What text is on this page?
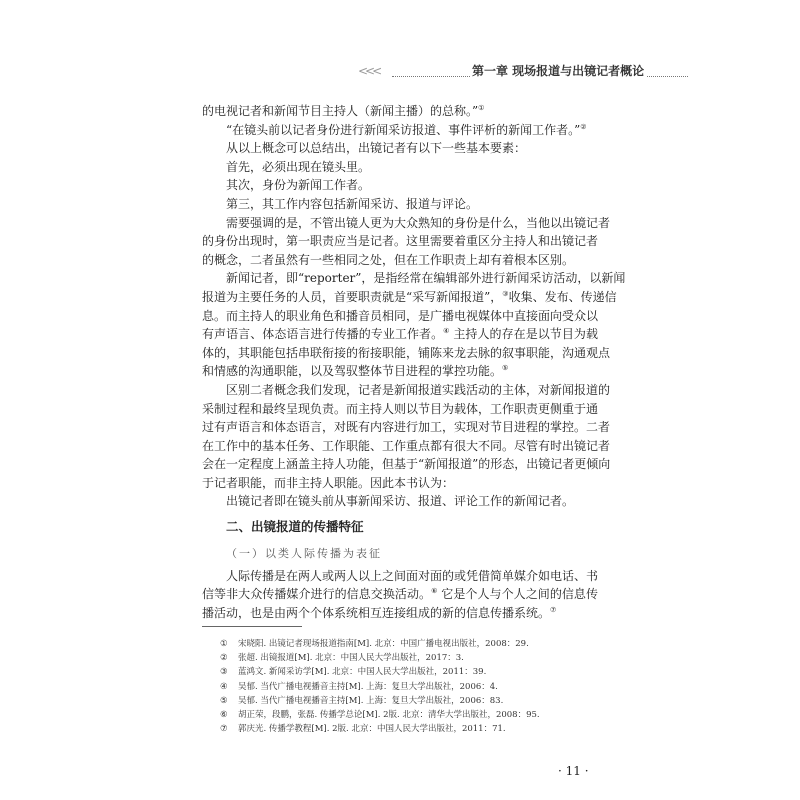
<<<	第一章 现场报道与出镜记者概论
的电视记者和新闻节目主持人（新闻主播）的总称。”①
“在镜头前以记者身份进行新闻采访报道、事件评析的新闻工作者。”②
从以上概念可以总结出，出镜记者有以下一些基本要素：
首先，必须出现在镜头里。
其次，身份为新闻工作者。
第三，其工作内容包括新闻采访、报道与评论。
需要强调的是，不管出镜人更为大众熟知的身份是什么，当他以出镜记者
的身份出现时，第一职责应当是记者。这里需要着重区分主持人和出镜记者
的概念，二者虽然有一些相同之处，但在工作职责上却有着根本区别。
新闻记者，即“reporter”，是指经常在编辑部外进行新闻采访活动，以新闻
报道为主要任务的人员，首要职责就是“采写新闻报道”，③收集、发布、传递信
息。而主持人的职业角色和播音员相同，是广播电视媒体中直接面向受众以
有声语言、体态语言进行传播的专业工作者。④ 主持人的存在是以节目为载
体的，其职能包括串联衔接的衔接职能，铺陈来龙去脉的叙事职能，沟通观点
和情感的沟通职能，以及驾驭整体节目进程的掌控功能。⑤
区别二者概念我们发现，记者是新闻报道实践活动的主体，对新闻报道的
采制过程和最终呈现负责。而主持人则以节目为载体，工作职责更侧重于通
过有声语言和体态语言，对既有内容进行加工，实现对节目进程的掌控。二者
在工作中的基本任务、工作职能、工作重点都有很大不同。尽管有时出镜记者
会在一定程度上涵盖主持人功能，但基于“新闻报道”的形态，出镜记者更倾向
于记者职能，而非主持人职能。因此本书认为：
出镜记者即在镜头前从事新闻采访、报道、评论工作的新闻记者。
二、出镜报道的传播特征
（一）以类人际传播为表征
人际传播是在两人或两人以上之间面对面的或凭借简单媒介如电话、书
信等非大众传播媒介进行的信息交换活动。⑥ 它是个人与个人之间的信息传
播活动，也是由两个个体系统相互连接组成的新的信息传播系统。⑦
① 宋晓阳. 出镜记者现场报道指南[M]. 北京：中国广播电视出版社，2008：29.
② 张超. 出镜报道[M]. 北京：中国人民大学出版社，2017：3.
③ 蓝鸿文. 新闻采访学[M]. 北京：中国人民大学出版社，2011：39.
④ 吴郁. 当代广播电视播音主持[M]. 上海：复旦大学出版社，2006：4.
⑤ 吴郁. 当代广播电视播音主持[M]. 上海：复旦大学出版社，2006：83.
⑥ 胡正荣，段鹏，张磊. 传播学总论[M]. 2版. 北京：清华大学出版社，2008：95.
⑦ 郭庆光. 传播学教程[M]. 2版. 北京：中国人民大学出版社，2011：71.
· 11 ·
